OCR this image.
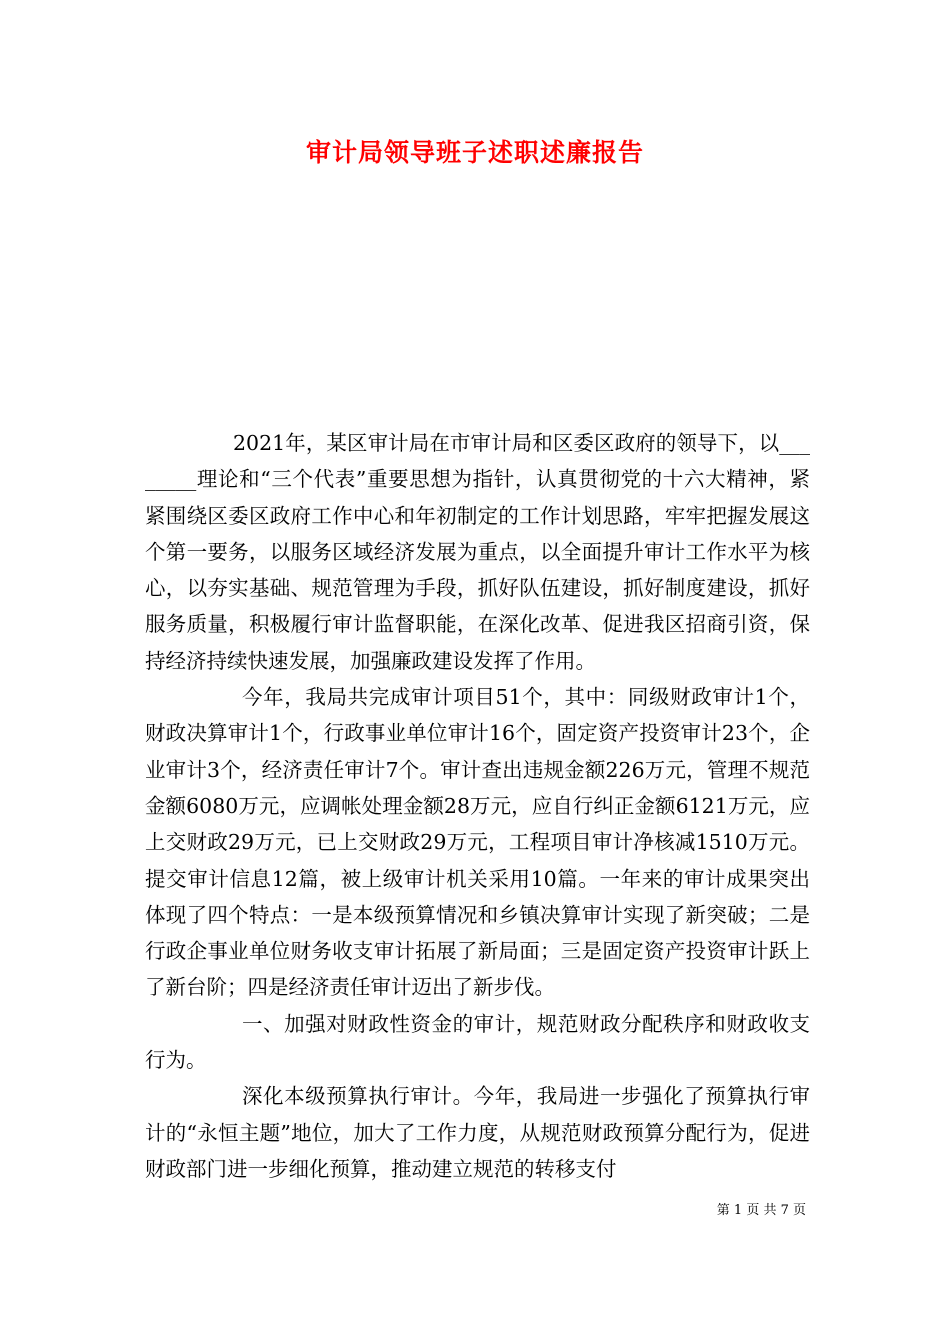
审计局领导班子述职述廉报告

2021年，某区审计局在市审计局和区委区政府的领导下，以________理论和“三个代表”重要思想为指针，认真贯彻党的十六大精神，紧紧围绕区委区政府工作中心和年初制定的工作计划思路，牢牢把握发展这个第一要务，以服务区域经济发展为重点，以全面提升审计工作水平为核心，以夯实基础、规范管理为手段，抓好队伍建设，抓好制度建设，抓好服务质量，积极履行审计监督职能，在深化改革、促进我区招商引资，保持经济持续快速发展，加强廉政建设发挥了作用。

今年，我局共完成审计项目51个，其中：同级财政审计1个，财政决算审计1个，行政事业单位审计16个，固定资产投资审计23个，企业审计3个，经济责任审计7个。审计查出违规金额226万元，管理不规范金额6080万元，应调帐处理金额28万元，应自行纠正金额6121万元，应上交财政29万元，已上交财政29万元，工程项目审计净核减1510万元。提交审计信息12篇，被上级审计机关采用10篇。一年来的审计成果突出体现了四个特点：一是本级预算情况和乡镇决算审计实现了新突破；二是行政企事业单位财务收支审计拓展了新局面；三是固定资产投资审计跃上了新台阶；四是经济责任审计迈出了新步伐。

一、加强对财政性资金的审计，规范财政分配秩序和财政收支行为。

深化本级预算执行审计。今年，我局进一步强化了预算执行审计的“永恒主题”地位，加大了工作力度，从规范财政预算分配行为，促进财政部门进一步细化预算，推动建立规范的转移支付

第 1 页 共 7 页
